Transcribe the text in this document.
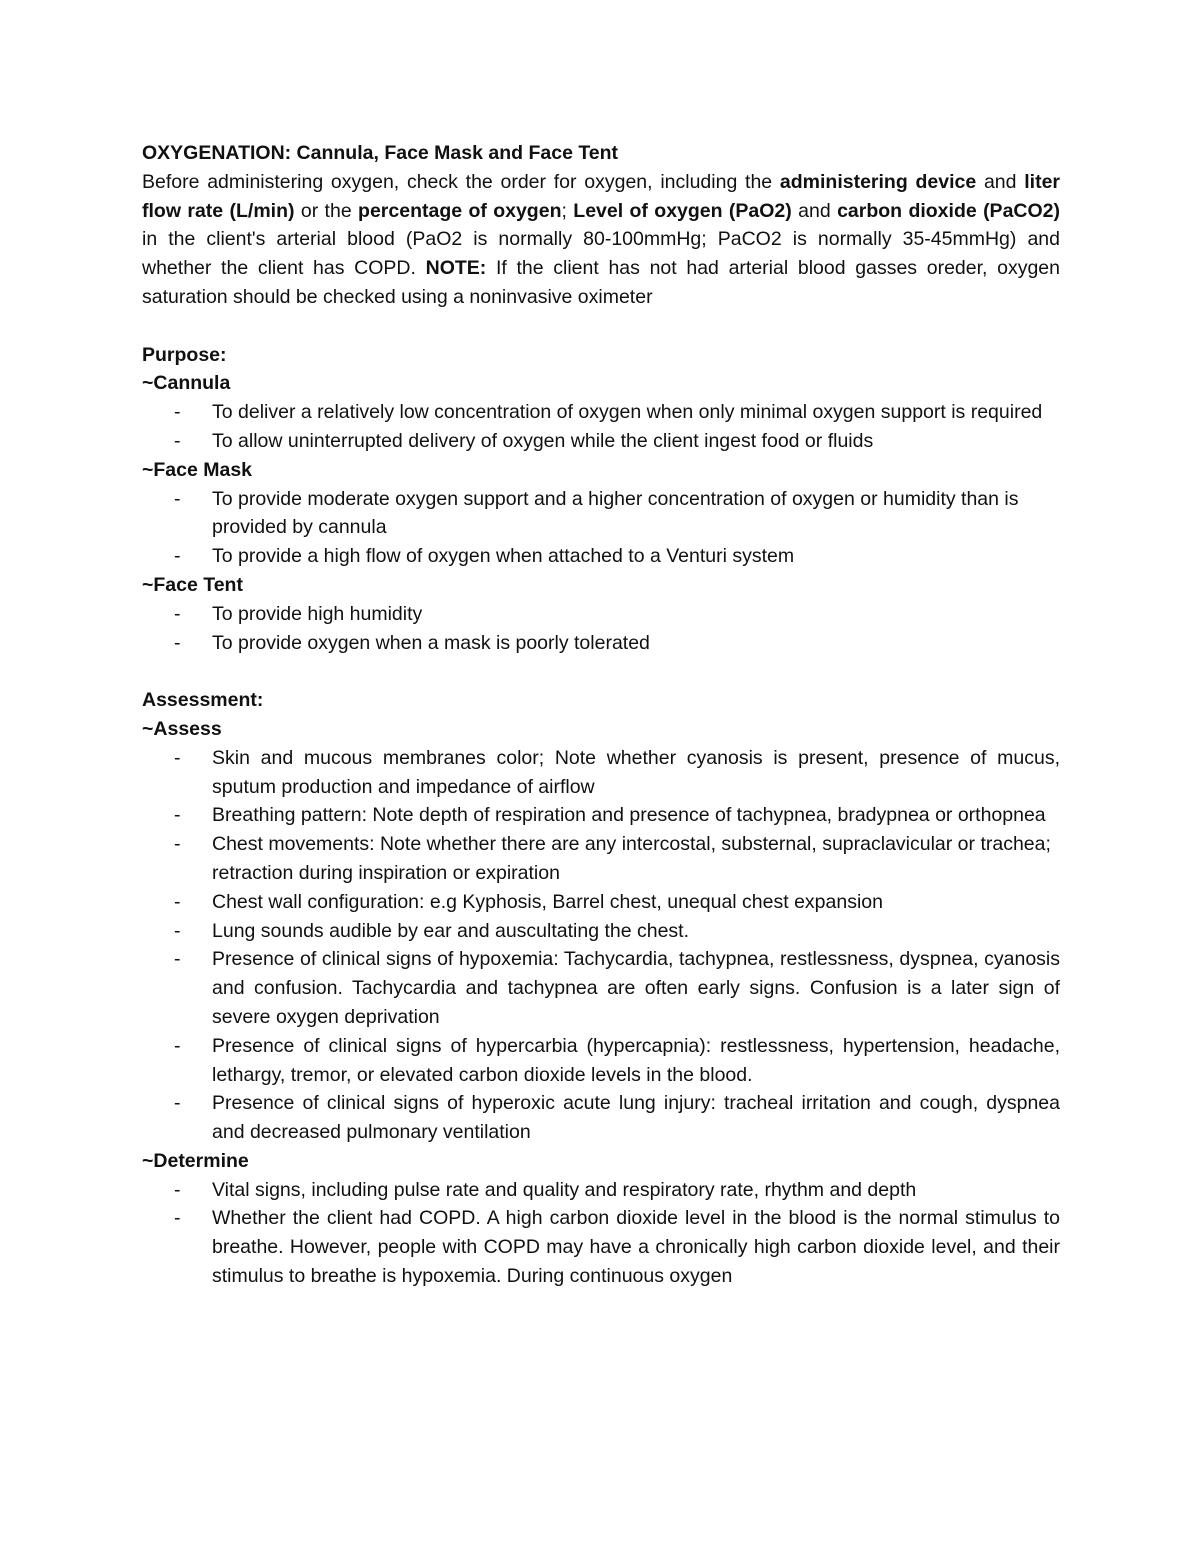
OXYGENATION: Cannula, Face Mask and Face Tent

Before administering oxygen, check the order for oxygen, including the administering device and liter flow rate (L/min) or the percentage of oxygen; Level of oxygen (PaO2) and carbon dioxide (PaCO2) in the client's arterial blood (PaO2 is normally 80-100mmHg; PaCO2 is normally 35-45mmHg) and whether the client has COPD. NOTE: If the client has not had arterial blood gasses oreder, oxygen saturation should be checked using a noninvasive oximeter

Purpose:

~Cannula

- To deliver a relatively low concentration of oxygen when only minimal oxygen support is required
- To allow uninterrupted delivery of oxygen while the client ingest food or fluids

~Face Mask

- To provide moderate oxygen support and a higher concentration of oxygen or humidity than is provided by cannula
- To provide a high flow of oxygen when attached to a Venturi system

~Face Tent

- To provide high humidity
- To provide oxygen when a mask is poorly tolerated

Assessment:

~Assess

- Skin and mucous membranes color; Note whether cyanosis is present, presence of mucus, sputum production and impedance of airflow
- Breathing pattern: Note depth of respiration and presence of tachypnea, bradypnea or orthopnea
- Chest movements: Note whether there are any intercostal, substernal, supraclavicular or trachea; retraction during inspiration or expiration
- Chest wall configuration: e.g Kyphosis, Barrel chest, unequal chest expansion
- Lung sounds audible by ear and auscultating the chest.
- Presence of clinical signs of hypoxemia: Tachycardia, tachypnea, restlessness, dyspnea, cyanosis and confusion. Tachycardia and tachypnea are often early signs. Confusion is a later sign of severe oxygen deprivation
- Presence of clinical signs of hypercarbia (hypercapnia): restlessness, hypertension, headache, lethargy, tremor, or elevated carbon dioxide levels in the blood.
- Presence of clinical signs of hyperoxic acute lung injury: tracheal irritation and cough, dyspnea and decreased pulmonary ventilation

~Determine

- Vital signs, including pulse rate and quality and respiratory rate, rhythm and depth
- Whether the client had COPD. A high carbon dioxide level in the blood is the normal stimulus to breathe. However, people with COPD may have a chronically high carbon dioxide level, and their stimulus to breathe is hypoxemia. During continuous oxygen
